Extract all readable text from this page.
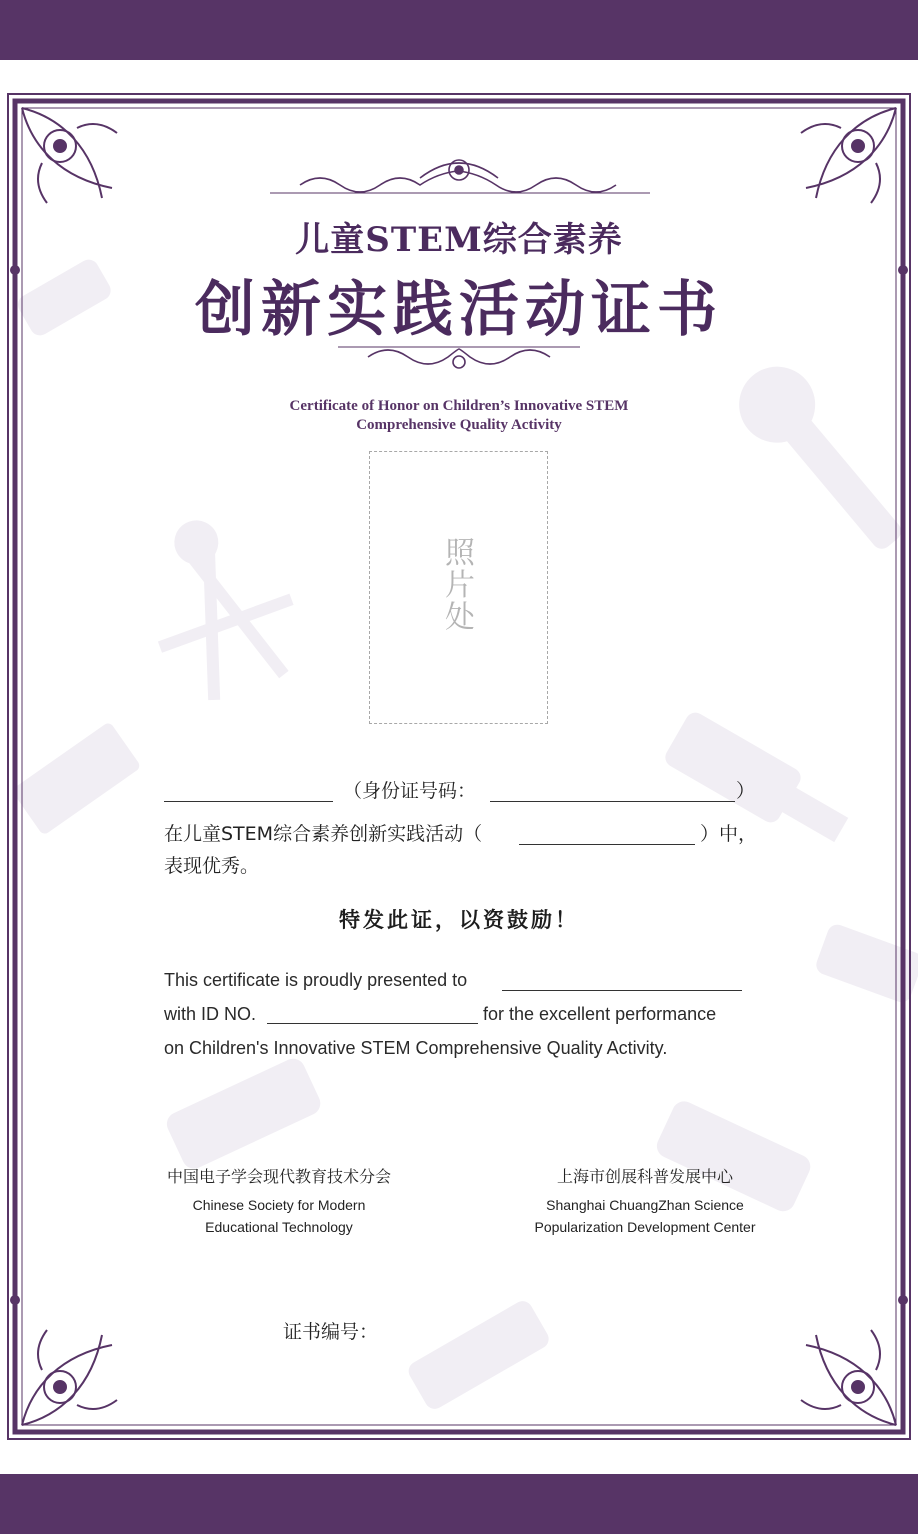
儿童STEM综合素养
创新实践活动证书
Certificate of Honor on Children’s Innovative STEM
Comprehensive Quality Activity
照片处
（ 身份证号码：	）
在儿童STEM综合素养创新实践活动（	）中，
表现优秀。
特发此证，以资鼓励！
This certificate is proudly presented to
with ID NO.	for the excellent performance
on Children's Innovative STEM Comprehensive Quality Activity.
中国电子学会现代教育技术分会
Chinese Society for Modern
Educational Technology
上海市创展科普发展中心
Shanghai ChuangZhan Science
Popularization Development Center
证书编号：
